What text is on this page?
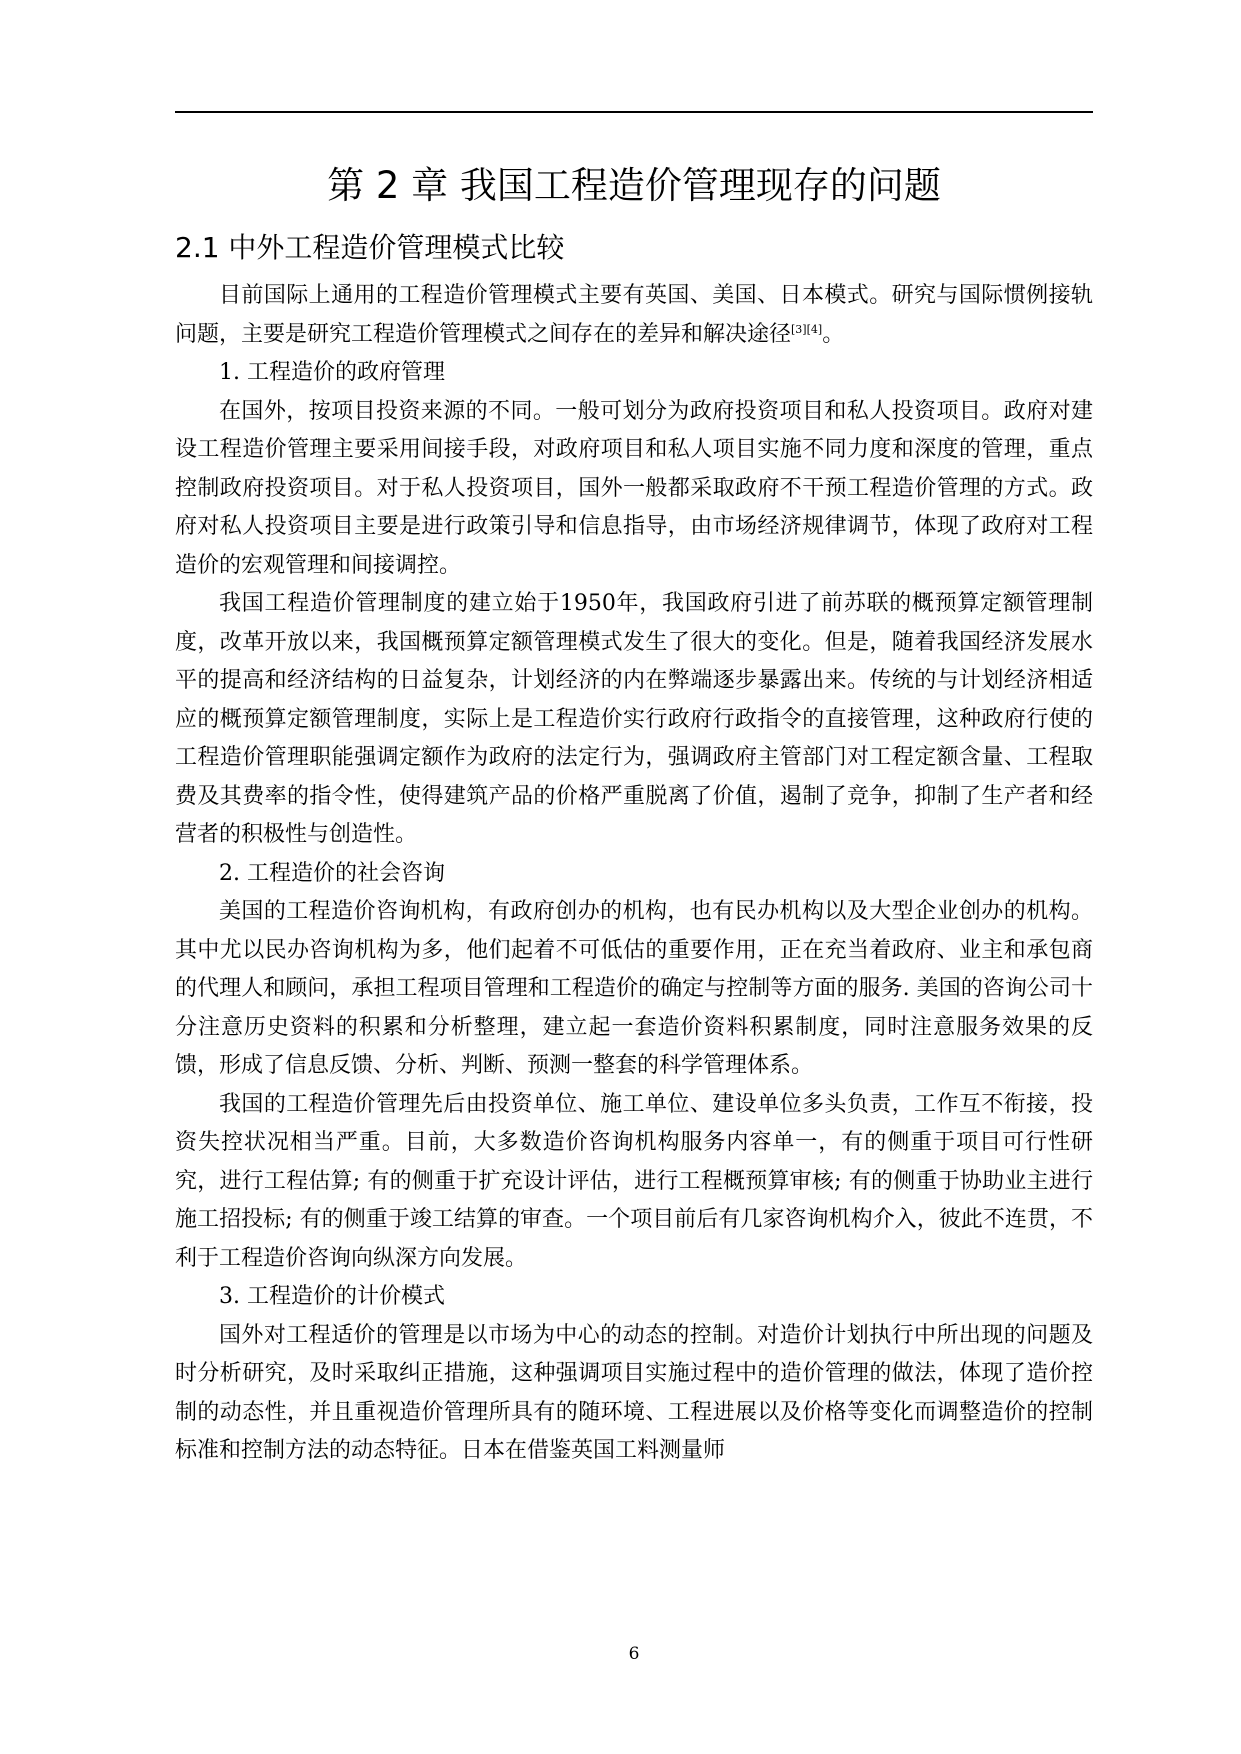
第 2 章 我国工程造价管理现存的问题
2.1 中外工程造价管理模式比较

目前国际上通用的工程造价管理模式主要有英国、美国、日本模式。研究与国际惯例接轨问题，主要是研究工程造价管理模式之间存在的差异和解决途径[3][4]。

1. 工程造价的政府管理

在国外，按项目投资来源的不同。一般可划分为政府投资项目和私人投资项目。政府对建设工程造价管理主要采用间接手段，对政府项目和私人项目实施不同力度和深度的管理，重点控制政府投资项目。对于私人投资项目，国外一般都采取政府不干预工程造价管理的方式。政府对私人投资项目主要是进行政策引导和信息指导，由市场经济规律调节，体现了政府对工程造价的宏观管理和间接调控。

我国工程造价管理制度的建立始于1950年，我国政府引进了前苏联的概预算定额管理制度，改革开放以来，我国概预算定额管理模式发生了很大的变化。但是，随着我国经济发展水平的提高和经济结构的日益复杂，计划经济的内在弊端逐步暴露出来。传统的与计划经济相适应的概预算定额管理制度，实际上是工程造价实行政府行政指令的直接管理，这种政府行使的工程造价管理职能强调定额作为政府的法定行为，强调政府主管部门对工程定额含量、工程取费及其费率的指令性，使得建筑产品的价格严重脱离了价值，遏制了竞争，抑制了生产者和经营者的积极性与创造性。

2. 工程造价的社会咨询

美国的工程造价咨询机构，有政府创办的机构，也有民办机构以及大型企业创办的机构。其中尤以民办咨询机构为多，他们起着不可低估的重要作用，正在充当着政府、业主和承包商的代理人和顾问，承担工程项目管理和工程造价的确定与控制等方面的服务. 美国的咨询公司十分注意历史资料的积累和分析整理，建立起一套造价资料积累制度，同时注意服务效果的反馈，形成了信息反馈、分析、判断、预测一整套的科学管理体系。

我国的工程造价管理先后由投资单位、施工单位、建设单位多头负责，工作互不衔接，投资失控状况相当严重。目前，大多数造价咨询机构服务内容单一，有的侧重于项目可行性研究，进行工程估算; 有的侧重于扩充设计评估，进行工程概预算审核; 有的侧重于协助业主进行施工招投标; 有的侧重于竣工结算的审查。一个项目前后有几家咨询机构介入，彼此不连贯，不利于工程造价咨询向纵深方向发展。

3. 工程造价的计价模式

国外对工程适价的管理是以市场为中心的动态的控制。对造价计划执行中所出现的问题及时分析研究，及时采取纠正措施，这种强调项目实施过程中的造价管理的做法，体现了造价控制的动态性，并且重视造价管理所具有的随环境、工程进展以及价格等变化而调整造价的控制标准和控制方法的动态特征。日本在借鉴英国工料测量师

6
